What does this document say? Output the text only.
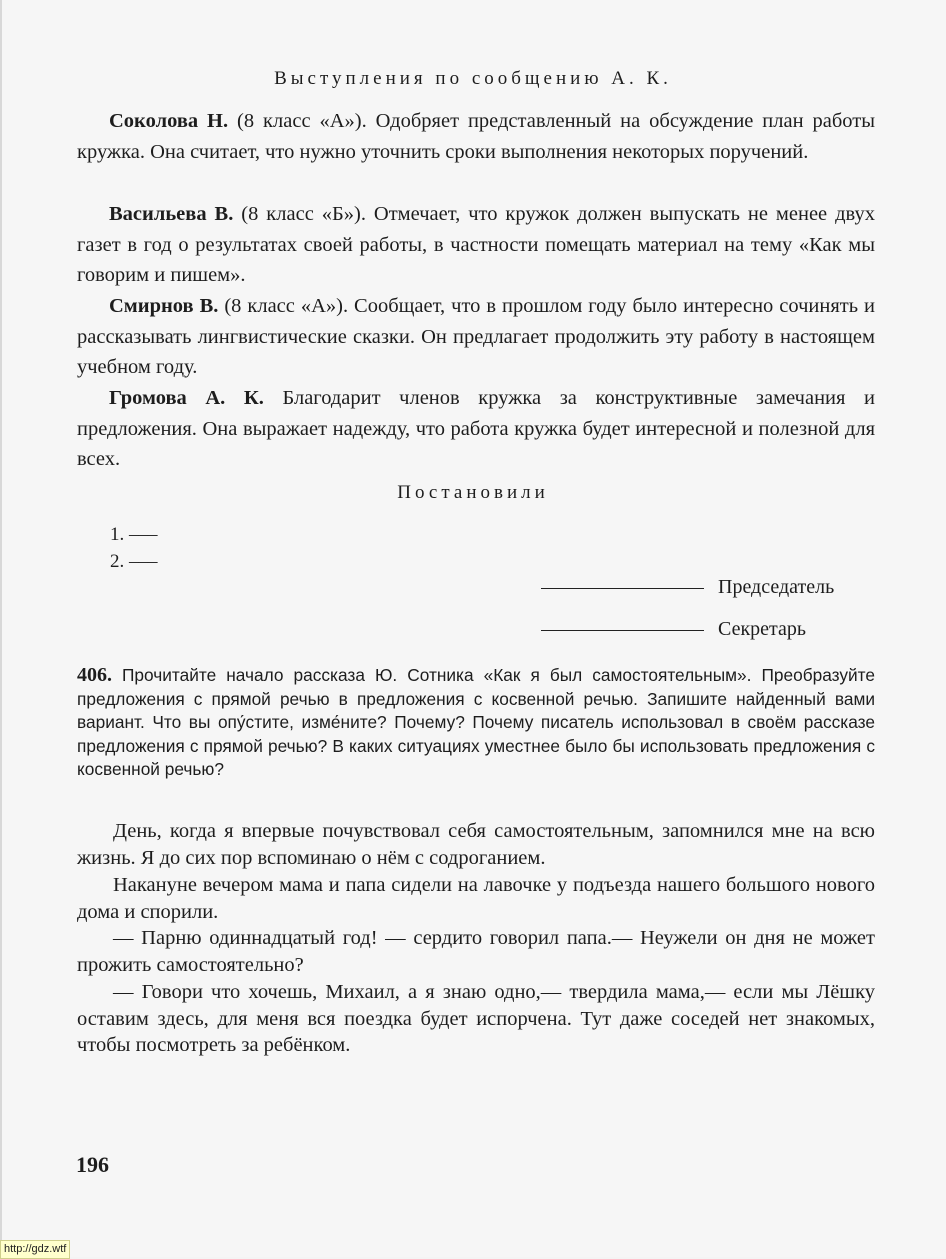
Выступления по сообщению А. К.

Соколова Н. (8 класс «А»). Одобряет представленный на обсуждение план работы кружка. Она считает, что нужно уточнить сроки выполнения некоторых поручений.

Васильева В. (8 класс «Б»). Отмечает, что кружок должен выпускать не менее двух газет в год о результатах своей работы, в частности помещать материал на тему «Как мы говорим и пишем».

Смирнов В. (8 класс «А»). Сообщает, что в прошлом году было интересно сочинять и рассказывать лингвистические сказки. Он предлагает продолжить эту работу в настоящем учебном году.

Громова А. К. Благодарит членов кружка за конструктивные замечания и предложения. Она выражает надежду, что работа кружка будет интересной и полезной для всех.

Постановили
1. –––
2. –––
Председатель
Секретарь

406. Прочитайте начало рассказа Ю. Сотника «Как я был самостоятельным». Преобразуйте предложения с прямой речью в предложения с косвенной речью. Запишите найденный вами вариант. Что вы опу́стите, изме́ните? Почему? Почему писатель использовал в своём рассказе предложения с прямой речью? В каких ситуациях уместнее было бы использовать предложения с косвенной речью?

День, когда я впервые почувствовал себя самостоятельным, запомнился мне на всю жизнь. Я до сих пор вспоминаю о нём с содроганием.

Накануне вечером мама и папа сидели на лавочке у подъезда нашего большого нового дома и спорили.

— Парню одиннадцатый год! — сердито говорил папа.— Неужели он дня не может прожить самостоятельно?

— Говори что хочешь, Михаил, а я знаю одно,— твердила мама,— если мы Лёшку оставим здесь, для меня вся поездка будет испорчена. Тут даже соседей нет знакомых, чтобы посмотреть за ребёнком.

196
http://gdz.wtf
